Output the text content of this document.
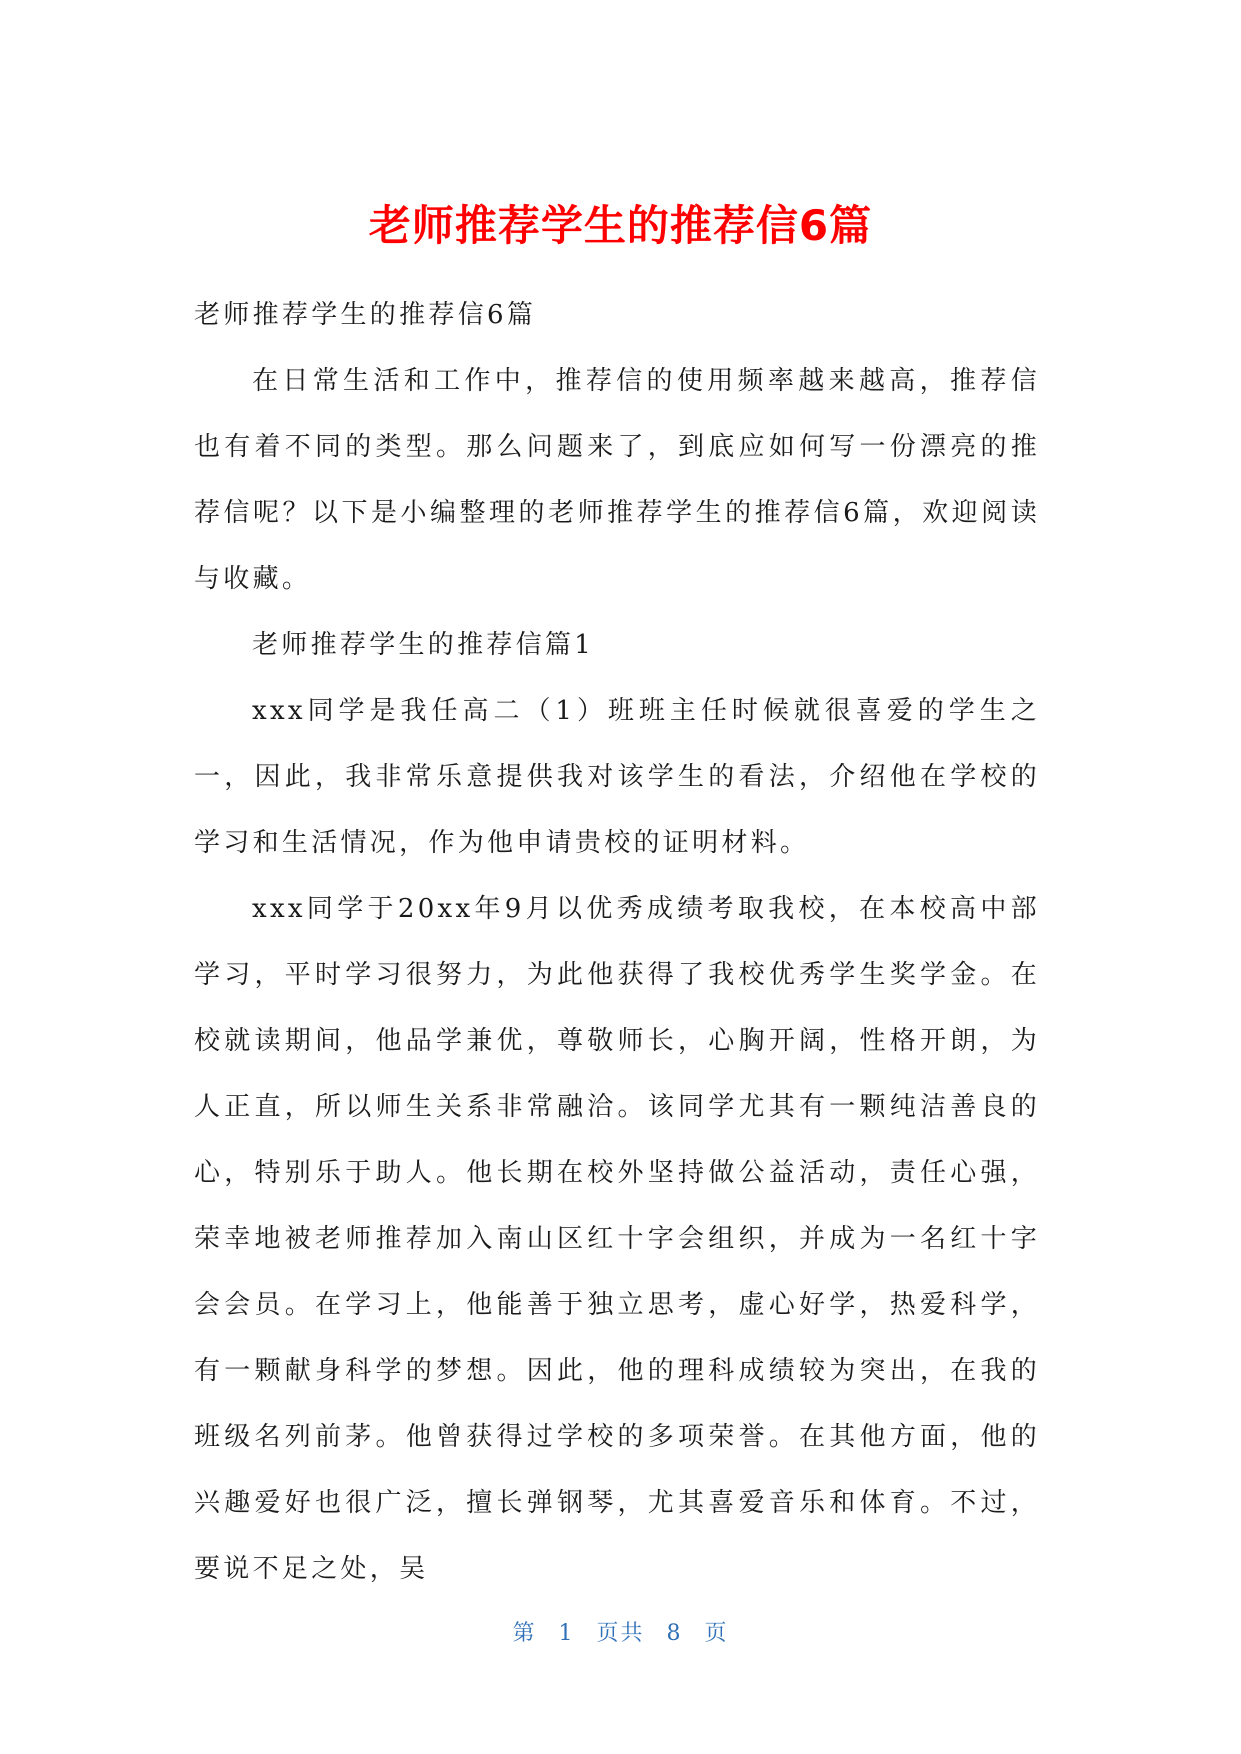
老师推荐学生的推荐信6篇

老师推荐学生的推荐信6篇

在日常生活和工作中，推荐信的使用频率越来越高，推荐信也有着不同的类型。那么问题来了，到底应如何写一份漂亮的推荐信呢？以下是小编整理的老师推荐学生的推荐信6篇，欢迎阅读与收藏。

老师推荐学生的推荐信篇1

xxx同学是我任高二（1）班班主任时候就很喜爱的学生之一，因此，我非常乐意提供我对该学生的看法，介绍他在学校的学习和生活情况，作为他申请贵校的证明材料。

xxx同学于20xx年9月以优秀成绩考取我校，在本校高中部学习，平时学习很努力，为此他获得了我校优秀学生奖学金。在校就读期间，他品学兼优，尊敬师长，心胸开阔，性格开朗，为人正直，所以师生关系非常融洽。该同学尤其有一颗纯洁善良的心，特别乐于助人。他长期在校外坚持做公益活动，责任心强，荣幸地被老师推荐加入南山区红十字会组织，并成为一名红十字会会员。在学习上，他能善于独立思考，虚心好学，热爱科学，有一颗献身科学的梦想。因此，他的理科成绩较为突出，在我的班级名列前茅。他曾获得过学校的多项荣誉。在其他方面，他的兴趣爱好也很广泛，擅长弹钢琴，尤其喜爱音乐和体育。不过，要说不足之处，吴

第 1 页共 8 页
